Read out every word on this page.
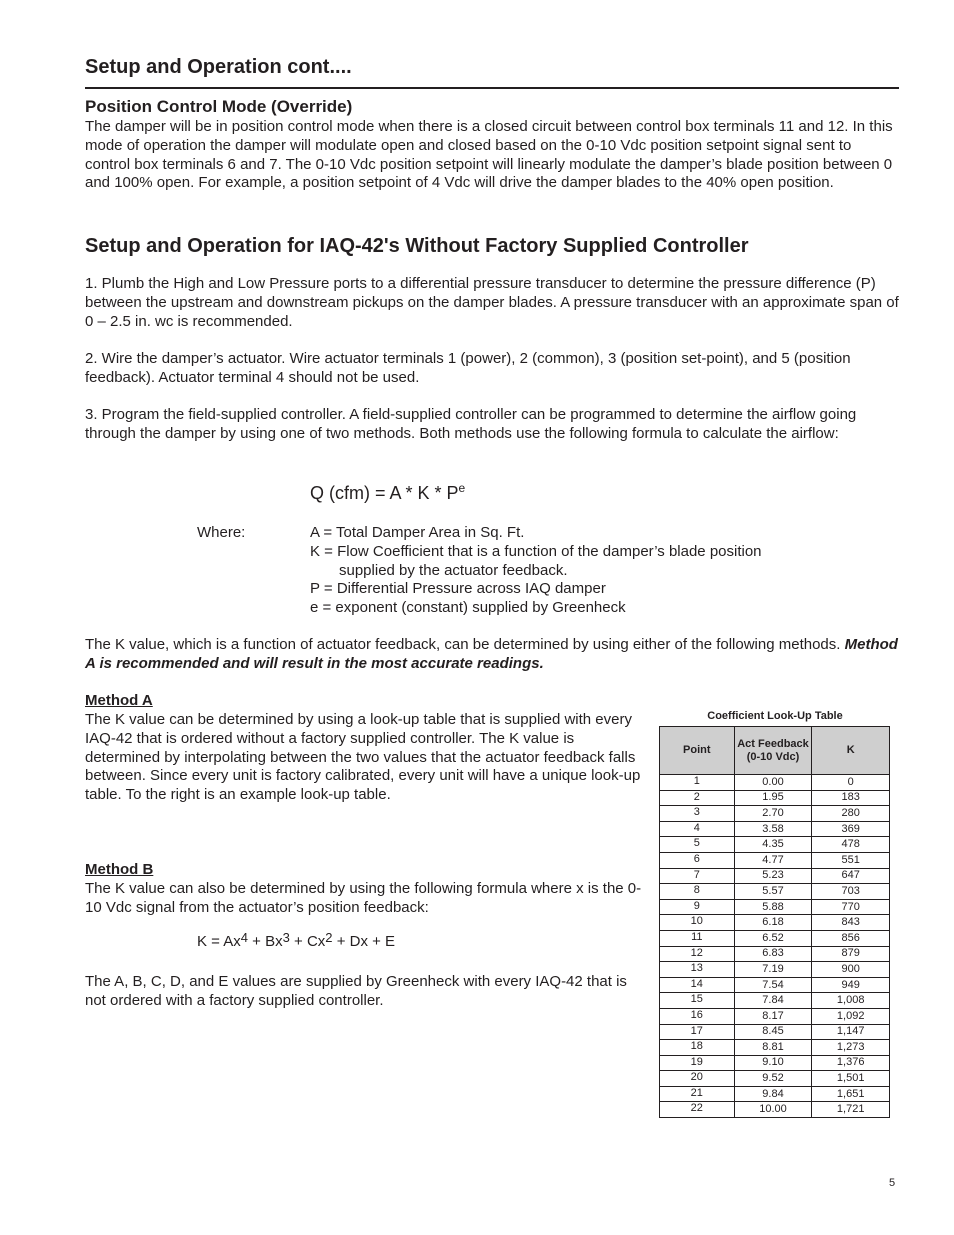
Setup and Operation cont....
Position Control Mode (Override)

The damper will be in position control mode when there is a closed circuit between control box terminals 11 and 12. In this mode of operation the damper will modulate open and closed based on the 0-10 Vdc position setpoint signal sent to control box terminals 6 and 7. The 0-10 Vdc position setpoint will linearly modulate the damper’s blade position between 0 and 100% open. For example, a position setpoint of 4 Vdc will drive the damper blades to the 40% open position.

Setup and Operation for IAQ-42's Without Factory Supplied Controller

1. Plumb the High and Low Pressure ports to a differential pressure transducer to determine the pressure difference (P) between the upstream and downstream pickups on the damper blades. A pressure transducer with an approximate span of 0 – 2.5 in. wc is recommended.

2. Wire the damper’s actuator. Wire actuator terminals 1 (power), 2 (common), 3 (position set-point), and 5 (position feedback). Actuator terminal 4 should not be used.

3. Program the field-supplied controller. A field-supplied controller can be programmed to determine the airflow going through the damper by using one of two methods. Both methods use the following formula to calculate the airflow:

Q $(cfm) = A * K * P^e$
Where:	A = Total Damper Area in Sq. Ft.
K = Flow Coefficient that is a function of the damper’s blade position
supplied by the actuator feedback.
P = Differential Pressure across IAQ damper
e = exponent (constant) supplied by Greenheck

The K value, which is a function of actuator feedback, can be determined by using either of the following methods. Method A is recommended and will result in the most accurate readings.

Method A

The K value can be determined by using a look-up table that is supplied with every IAQ-42 that is ordered without a factory supplied controller. The K value is determined by interpolating between the two values that the actuator feedback falls between. Since every unit is factory calibrated, every unit will have a unique look-up table. To the right is an example look-up table.

Method B

The K value can also be determined by using the following formula where x is the 0-10 Vdc signal from the actuator’s position feedback:

$K = Ax^4 + Bx^3 + Cx^2 + Dx + E$

The A, B, C, D, and E values are supplied by Greenheck with every IAQ-42 that is not ordered with a factory supplied controller.

Coefficient Look-Up Table
Point	Act Feedback (0-10 Vdc)	K
1	0.00	0
2	1.95	183
3	2.70	280
4	3.58	369
5	4.35	478
6	4.77	551
7	5.23	647
8	5.57	703
9	5.88	770
10	6.18	843
11	6.52	856
12	6.83	879
13	7.19	900
14	7.54	949
15	7.84	1,008
16	8.17	1,092
17	8.45	1,147
18	8.81	1,273
19	9.10	1,376
20	9.52	1,501
21	9.84	1,651
22	10.00	1,721
5
